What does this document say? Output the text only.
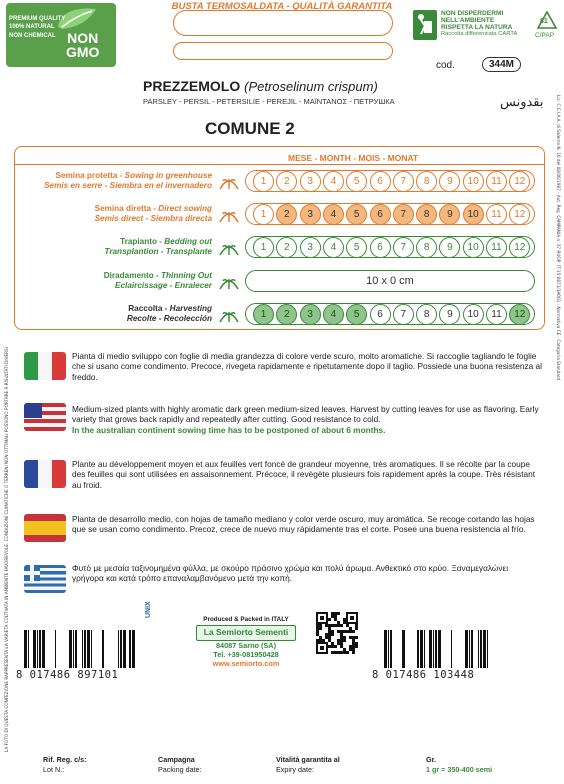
LA FOTO DI QUESTA CONFEZIONE RAPPRESENTA LA VARIETÀ COLTIVATA IN AMBIENTE FAVOREVOLE. CONDIZIONI CLIMATICHE O TERRENI NON OTTIMALI POSSONO PORTARE A RISULTATI DIVERSI
Lic. C.C.I.A.A. di Salerno N. 10 del 08/06/1987 - Aut. Reg. CAMPANIA n. 37 RUOP: IT-15-0871/3A001 - Normativa CE - Categoria Standard
BUSTA TERMOSALDATA - QUALITÀ GARANTITA
PREMIUM QUALITY
100% NATURAL
NON CHEMICAL NON
GMO
NON DISPERDERMI
NELL'AMBIENTE
RISPETTA LA NATURA
Raccolta differenziata CARTA
81
C/PAP
cod.	344M
PREZZEMOLO (Petroselinum crispum)
PARSLEY - PERSIL - PETERSILIE - PEREJIL - ΜΑΪΝΤΑΝΟΣ - ПЕТРУШКА	بقدونس
COMUNE 2
MESE - MONTH - MOIS - MONAT
Semina protetta - Sowing in greenhouse
Semis en serre - Siembra en el invernadero	1	2	3	4	5	6	7	8	9	10	11	12
Semina diretta - Direct sowing
Semis direct - Siembra directa	1	2	3	4	5	6	7	8	9	10	11	12
Trapianto - Bedding out
Transplantion - Transplante	1	2	3	4	5	6	7	8	9	10	11	12
Diradamento - Thinning Out
Eclaircissage - Enralecer	10 x 0 cm
Raccolta - Harvesting
Recolte - Recolección	1	2	3	4	5	6	7	8	9	10	11	12
Pianta di medio sviluppo con foglie di media grandezza di colore verde scuro, molto aromatiche. Si raccoglie tagliando le foglie che si usano come condimento. Precoce, rivegeta rapidamente e ripetutamente dopo il taglio. Possiede una buona resistenza al freddo.
Medium-sized plants with highly aromatic dark green medium-sized leaves. Harvest by cutting leaves for use as flavoring. Early variety that grows back rapidly and repeatedly after cutting. Good resistance to cold.
In the australian continent sowing time has to be postponed of about 6 months.
Plante au développement moyen et aux feuilles vert foncé de grandeur moyenne, très aromatiques. Il se récolte par la coupe des feuilles qui sont utilisées en assaisonnement. Précoce, il revègète plusieurs fois rapidement après la coupe. Très résistant au froid.
Planta de desarrollo medio, con hojas de tamaño mediano y color verde oscuro, muy aromática. Se recoge cortando las hojas que se usan como condimento. Precoz, crece de nuevo muy rápidamente tras el corte. Posee una buena resistencia al frío.
Φυτό με μεσαία ταξινομημένα φύλλα, με σκούρο πράσινο χρώμα και πολύ άρωμα. Ανθεκτικό στο κρύο. Ξαναμεγαλώνει γρήγορα και κατά τρόπο επαναλαμβανόμενο μετά την κοπή.
8 017486 897101
UNIX
Produced & Packed in ITALY
La Semiorto Sementi
84087 Sarno (SA)
Tel. +39-081950428
www.semiorto.com
8 017486 103448
Rif. Reg. c/s:
Lot N.:
Campagna
Packing date:
Vitalità garantita al
Expiry date:
Gr.
1 gr = 350-400 semi
